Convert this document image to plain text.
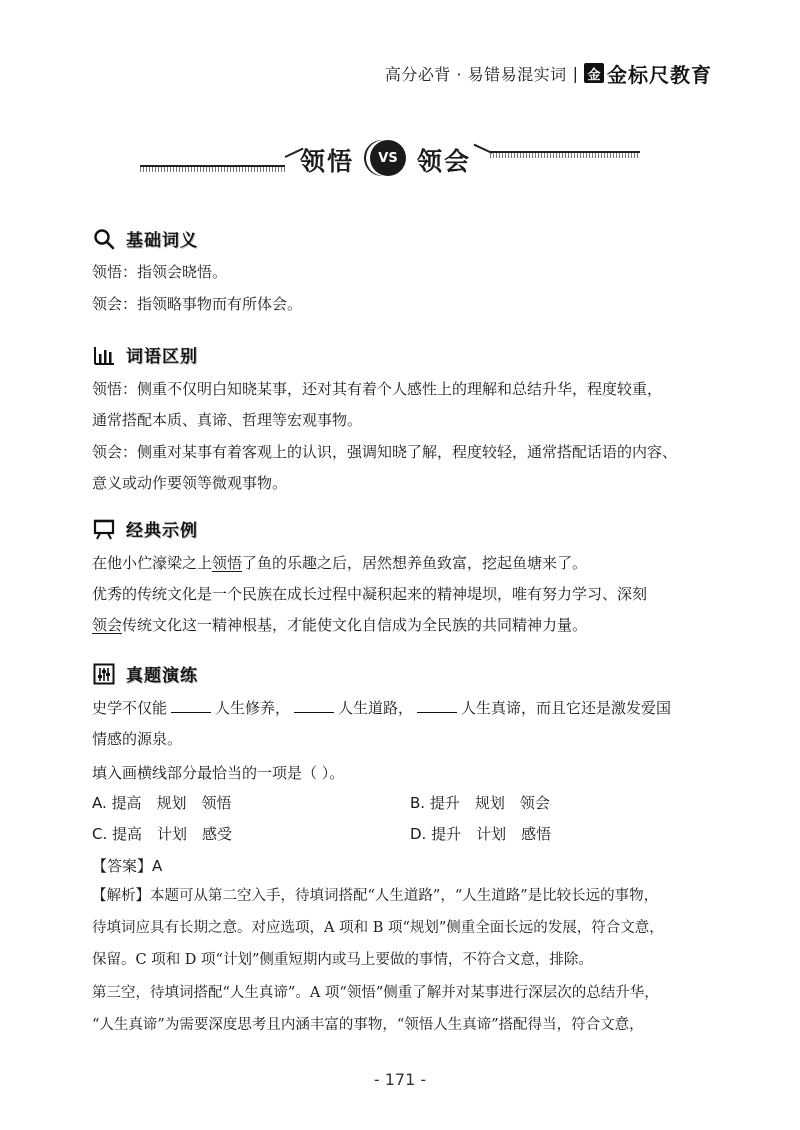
高分必背 · 易错易混实词 | 金 金标尺教育
领悟	VS 领会
基础词义
领悟：指领会晓悟。
领会：指领略事物而有所体会。
词语区别
领悟：侧重不仅明白知晓某事，还对其有着个人感性上的理解和总结升华，程度较重，
通常搭配本质、真谛、哲理等宏观事物。
领会：侧重对某事有着客观上的认识，强调知晓了解，程度较轻，通常搭配话语的内容、
意义或动作要领等微观事物。
经典示例
在他小伫濠梁之上领悟了鱼的乐趣之后，居然想养鱼致富，挖起鱼塘来了。
优秀的传统文化是一个民族在成长过程中凝积起来的精神堤坝，唯有努力学习、深刻
领会传统文化这一精神根基，才能使文化自信成为全民族的共同精神力量。
真题演练
史学不仅能	人生修养，	人生道路，	人生真谛，而且它还是激发爱国
情感的源泉。
填入画横线部分最恰当的一项是（ ）。
A. 提高　规划　领悟	B. 提升　规划　领会
C. 提高　计划　感受	D. 提升　计划　感悟
【答案】A
【解析】本题可从第二空入手，待填词搭配“人生道路”，“人生道路”是比较长远的事物，
待填词应具有长期之意。对应选项，A 项和 B 项“规划”侧重全面长远的发展，符合文意，
保留。C 项和 D 项“计划”侧重短期内或马上要做的事情，不符合文意，排除。
第三空，待填词搭配“人生真谛”。A 项“领悟”侧重了解并对某事进行深层次的总结升华，
“人生真谛”为需要深度思考且内涵丰富的事物，“领悟人生真谛”搭配得当，符合文意，
- 171 -
